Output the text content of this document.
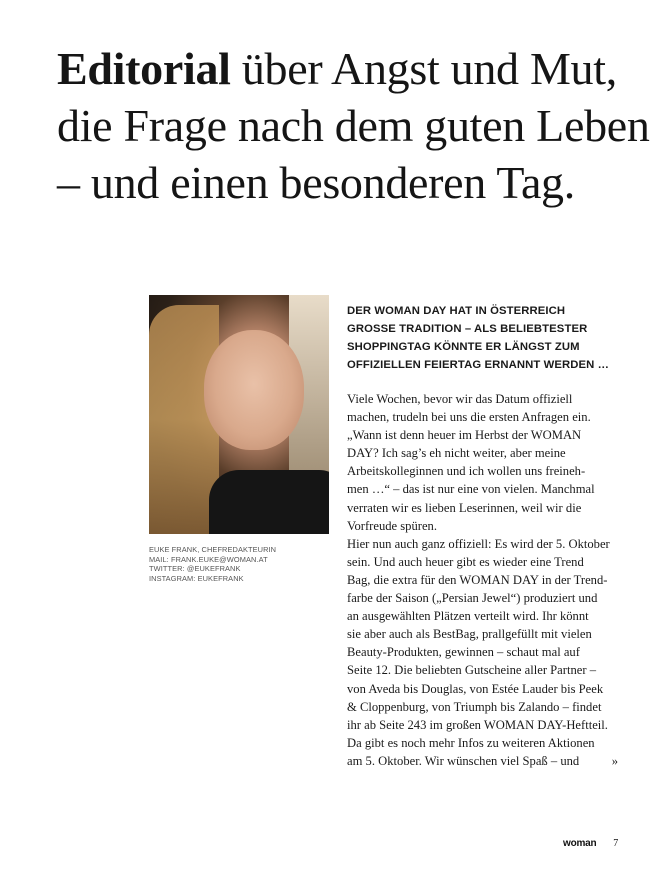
Editorial über Angst und Mut,
die Frage nach dem guten Leben
– und einen besonderen Tag.
EUKE FRANK, CHEFREDAKTEURIN
MAIL: FRANK.EUKE@WOMAN.AT
TWITTER: @EUKEFRANK
INSTAGRAM: EUKEFRANK
DER WOMAN DAY HAT IN ÖSTERREICH
GROSSE TRADITION – ALS BELIEBTESTER
SHOPPINGTAG KÖNNTE ER LÄNGST ZUM
OFFIZIELLEN FEIERTAG ERNANNT WERDEN …
Viele Wochen, bevor wir das Datum offiziell
machen, trudeln bei uns die ersten Anfragen ein.
„Wann ist denn heuer im Herbst der WOMAN
DAY? Ich sag’s eh nicht weiter, aber meine
Arbeitskolleginnen und ich wollen uns freineh-
men …“ – das ist nur eine von vielen. Manchmal
verraten wir es lieben Leserinnen, weil wir die
Vorfreude spüren.
Hier nun auch ganz offiziell: Es wird der 5. Oktober
sein. Und auch heuer gibt es wieder eine Trend
Bag, die extra für den WOMAN DAY in der Trend-
farbe der Saison („Persian Jewel“) produziert und
an ausgewählten Plätzen verteilt wird. Ihr könnt
sie aber auch als BestBag, prallgefüllt mit vielen
Beauty-Produkten, gewinnen – schaut mal auf
Seite 12. Die beliebten Gutscheine aller Partner –
von Aveda bis Douglas, von Estée Lauder bis Peek
& Cloppenburg, von Triumph bis Zalando – findet
ihr ab Seite 243 im großen WOMAN DAY-Heftteil.
Da gibt es noch mehr Infos zu weiteren Aktionen
am 5. Oktober. Wir wünschen viel Spaß – und	»
woman 7
